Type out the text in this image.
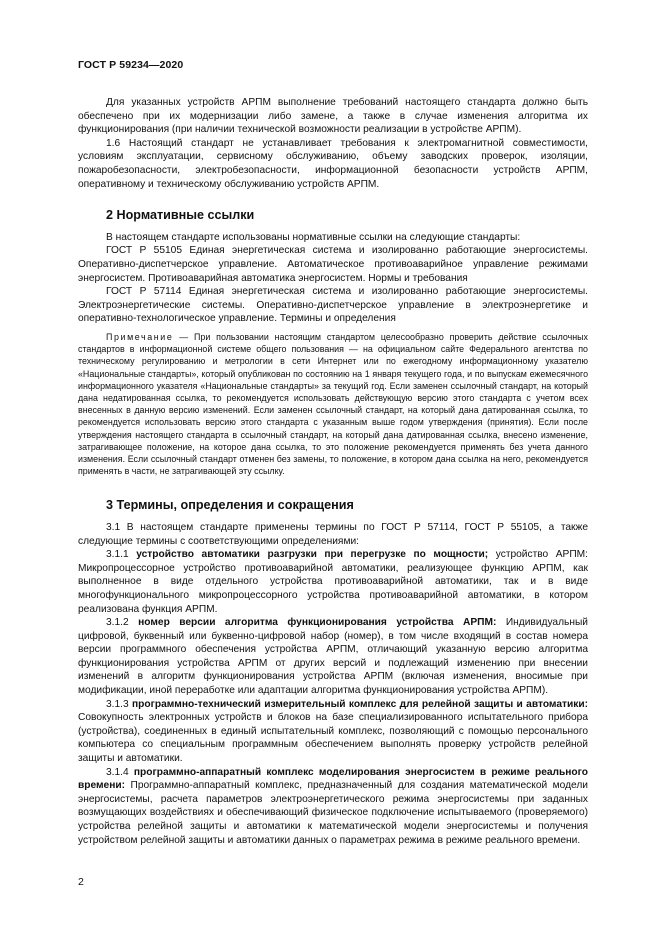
ГОСТ Р 59234—2020

Для указанных устройств АРПМ выполнение требований настоящего стандарта должно быть обеспечено при их модернизации либо замене, а также в случае изменения алгоритма их функционирования (при наличии технической возможности реализации в устройстве АРПМ).

1.6 Настоящий стандарт не устанавливает требования к электромагнитной совместимости, условиям эксплуатации, сервисному обслуживанию, объему заводских проверок, изоляции, пожаробезопасности, электробезопасности, информационной безопасности устройств АРПМ, оперативному и техническому обслуживанию устройств АРПМ.

2 Нормативные ссылки

В настоящем стандарте использованы нормативные ссылки на следующие стандарты:

ГОСТ Р 55105 Единая энергетическая система и изолированно работающие энергосистемы. Оперативно-диспетчерское управление. Автоматическое противоаварийное управление режимами энергосистем. Противоаварийная автоматика энергосистем. Нормы и требования

ГОСТ Р 57114 Единая энергетическая система и изолированно работающие энергосистемы. Электроэнергетические системы. Оперативно-диспетчерское управление в электроэнергетике и оперативно-технологическое управление. Термины и определения

Примечание — При пользовании настоящим стандартом целесообразно проверить действие ссылочных стандартов в информационной системе общего пользования — на официальном сайте Федерального агентства по техническому регулированию и метрологии в сети Интернет или по ежегодному информационному указателю «Национальные стандарты», который опубликован по состоянию на 1 января текущего года, и по выпускам ежемесячного информационного указателя «Национальные стандарты» за текущий год. Если заменен ссылочный стандарт, на который дана недатированная ссылка, то рекомендуется использовать действующую версию этого стандарта с учетом всех внесенных в данную версию изменений. Если заменен ссылочный стандарт, на который дана датированная ссылка, то рекомендуется использовать версию этого стандарта с указанным выше годом утверждения (принятия). Если после утверждения настоящего стандарта в ссылочный стандарт, на который дана датированная ссылка, внесено изменение, затрагивающее положение, на которое дана ссылка, то это положение рекомендуется применять без учета данного изменения. Если ссылочный стандарт отменен без замены, то положение, в котором дана ссылка на него, рекомендуется применять в части, не затрагивающей эту ссылку.

3 Термины, определения и сокращения

3.1 В настоящем стандарте применены термины по ГОСТ Р 57114, ГОСТ Р 55105, а также следующие термины с соответствующими определениями:

3.1.1 устройство автоматики разгрузки при перегрузке по мощности; устройство АРПМ: Микропроцессорное устройство противоаварийной автоматики, реализующее функцию АРПМ, как выполненное в виде отдельного устройства противоаварийной автоматики, так и в виде многофункционального микропроцессорного устройства противоаварийной автоматики, в котором реализована функция АРПМ.

3.1.2 номер версии алгоритма функционирования устройства АРПМ: Индивидуальный цифровой, буквенный или буквенно-цифровой набор (номер), в том числе входящий в состав номера версии программного обеспечения устройства АРПМ, отличающий указанную версию алгоритма функционирования устройства АРПМ от других версий и подлежащий изменению при внесении изменений в алгоритм функционирования устройства АРПМ (включая изменения, вносимые при модификации, иной переработке или адаптации алгоритма функционирования устройства АРПМ).

3.1.3 программно-технический измерительный комплекс для релейной защиты и автоматики: Совокупность электронных устройств и блоков на базе специализированного испытательного прибора (устройства), соединенных в единый испытательный комплекс, позволяющий с помощью персонального компьютера со специальным программным обеспечением выполнять проверку устройств релейной защиты и автоматики.

3.1.4 программно-аппаратный комплекс моделирования энергосистем в режиме реального времени: Программно-аппаратный комплекс, предназначенный для создания математической модели энергосистемы, расчета параметров электроэнергетического режима энергосистемы при заданных возмущающих воздействиях и обеспечивающий физическое подключение испытываемого (проверяемого) устройства релейной защиты и автоматики к математической модели энергосистемы и получения устройством релейной защиты и автоматики данных о параметрах режима в режиме реального времени.

2
